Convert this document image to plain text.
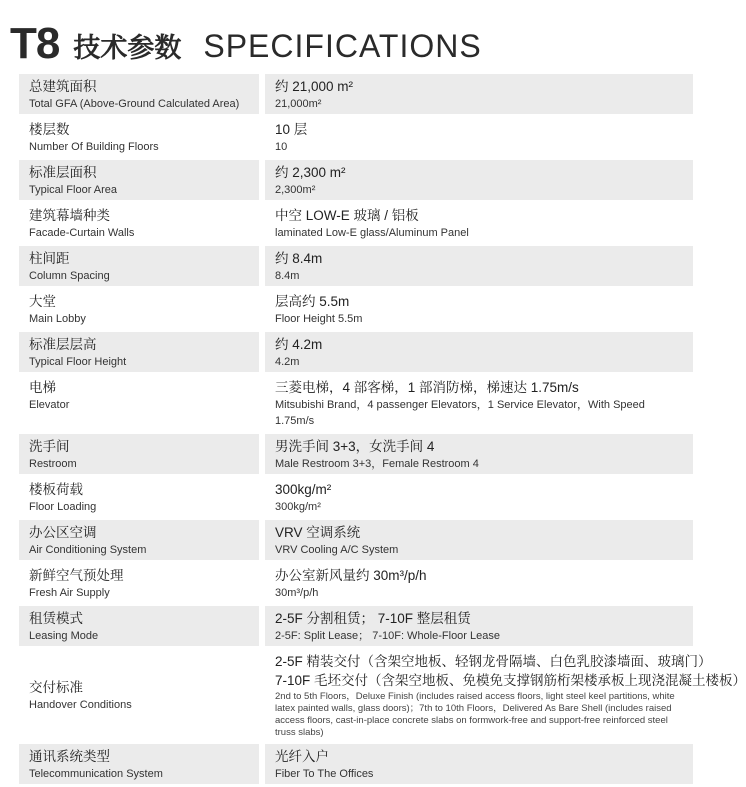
T8 技术参数 SPECIFICATIONS
总建筑面积
Total GFA (Above-Ground Calculated Area)
约 21,000 m²
21,000m²
楼层数
Number Of Building Floors
10 层
10
标准层面积
Typical Floor Area
约 2,300 m²
2,300m²
建筑幕墙种类
Facade-Curtain Walls
中空 LOW-E 玻璃 / 铝板
laminated Low-E glass/Aluminum Panel
柱间距
Column Spacing
约 8.4m
8.4m
大堂
Main Lobby
层高约 5.5m
Floor Height 5.5m
标准层层高
Typical Floor Height
约 4.2m
4.2m
电梯
Elevator
三菱电梯，4 部客梯，1 部消防梯，梯速达 1.75m/s
Mitsubishi Brand，4 passenger Elevators，1 Service Elevator，With Speed 1.75m/s
洗手间
Restroom
男洗手间 3+3，女洗手间 4
Male Restroom 3+3，Female Restroom 4
楼板荷载
Floor Loading
300kg/m²
300kg/m²
办公区空调
Air Conditioning System
VRV 空调系统
VRV Cooling A/C System
新鲜空气预处理
Fresh Air Supply
办公室新风量约 30m³/p/h
30m³/p/h
租赁模式
Leasing Mode
2-5F 分割租赁； 7-10F 整层租赁
2-5F: Split Lease； 7-10F: Whole-Floor Lease
交付标准
Handover Conditions
2-5F 精装交付（含架空地板、轻钢龙骨隔墙、白色乳胶漆墙面、玻璃门）
7-10F 毛坯交付（含架空地板、免模免支撑钢筋桁架楼承板上现浇混凝土楼板）
2nd to 5th Floors，Deluxe Finish (includes raised access floors, light steel keel partitions, white latex painted walls, glass doors)；7th to 10th Floors，Delivered As Bare Shell (includes raised access floors, cast-in-place concrete slabs on formwork-free and support-free reinforced steel truss slabs)
通讯系统类型
Telecommunication System
光纤入户
Fiber To The Offices
